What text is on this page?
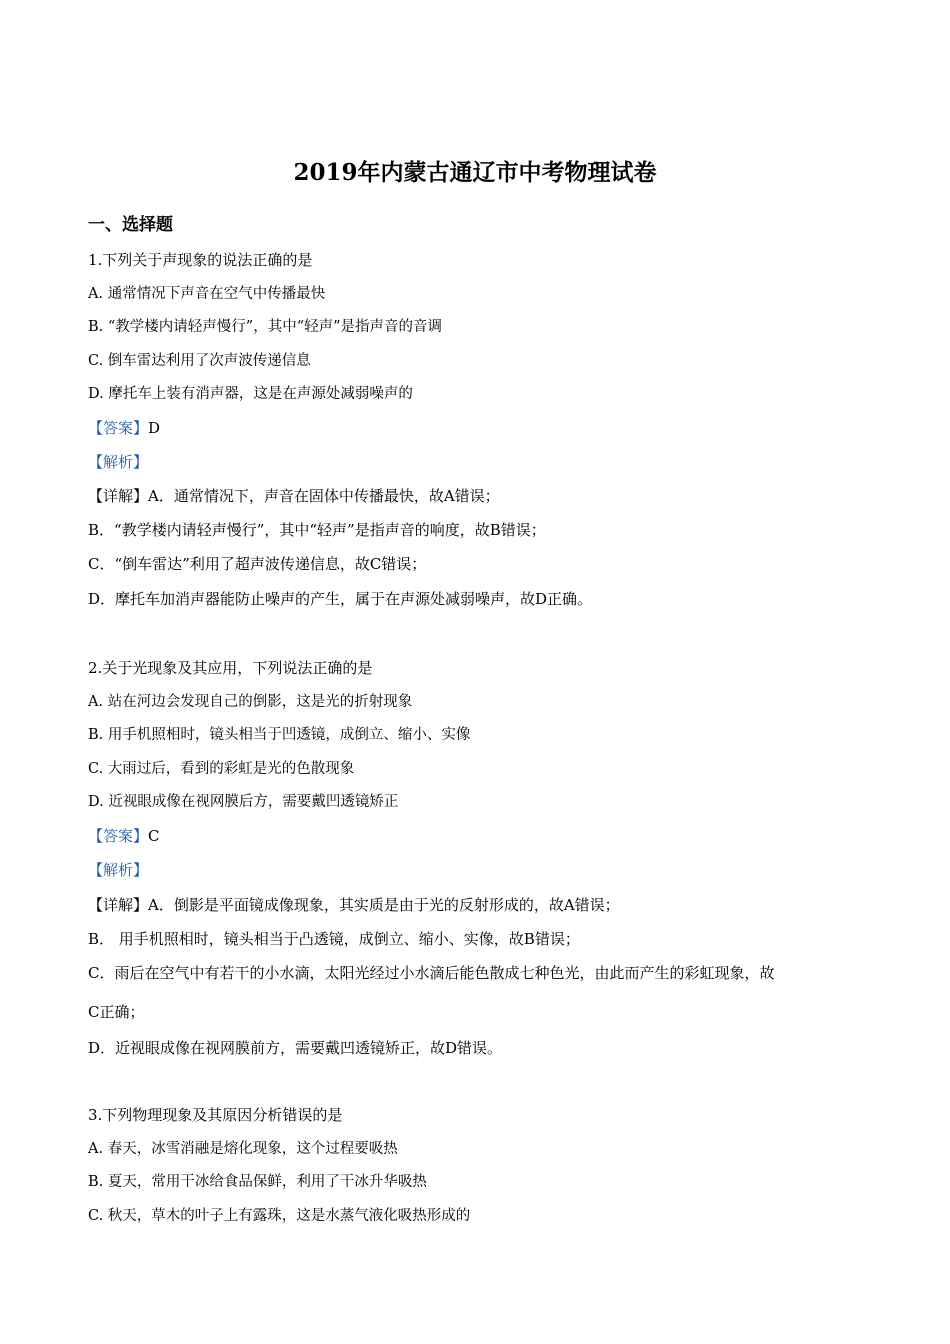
2019年内蒙古通辽市中考物理试卷
一、选择题
1.下列关于声现象的说法正确的是
A. 通常情况下声音在空气中传播最快
B. “教学楼内请轻声慢行”，其中“轻声”是指声音的音调
C. 倒车雷达利用了次声波传递信息
D. 摩托车上装有消声器，这是在声源处减弱噪声的
【答案】D
【解析】
【详解】A．通常情况下，声音在固体中传播最快，故A错误；
B．“教学楼内请轻声慢行”，其中“轻声”是指声音的响度，故B错误；
C．“倒车雷达”利用了超声波传递信息，故C错误；
D．摩托车加消声器能防止噪声的产生，属于在声源处减弱噪声，故D正确。
2.关于光现象及其应用，下列说法正确的是
A. 站在河边会发现自己的倒影，这是光的折射现象
B. 用手机照相时，镜头相当于凹透镜，成倒立、缩小、实像
C. 大雨过后，看到的彩虹是光的色散现象
D. 近视眼成像在视网膜后方，需要戴凹透镜矫正
【答案】C
【解析】
【详解】A．倒影是平面镜成像现象，其实质是由于光的反射形成的，故A错误；
B． 用手机照相时，镜头相当于凸透镜，成倒立、缩小、实像，故B错误；
C．雨后在空气中有若干的小水滴，太阳光经过小水滴后能色散成七种色光，由此而产生的彩虹现象，故
C正确；
D．近视眼成像在视网膜前方，需要戴凹透镜矫正，故D错误。
3.下列物理现象及其原因分析错误的是
A. 春天，冰雪消融是熔化现象，这个过程要吸热
B. 夏天，常用干冰给食品保鲜，利用了干冰升华吸热
C. 秋天，草木的叶子上有露珠，这是水蒸气液化吸热形成的
